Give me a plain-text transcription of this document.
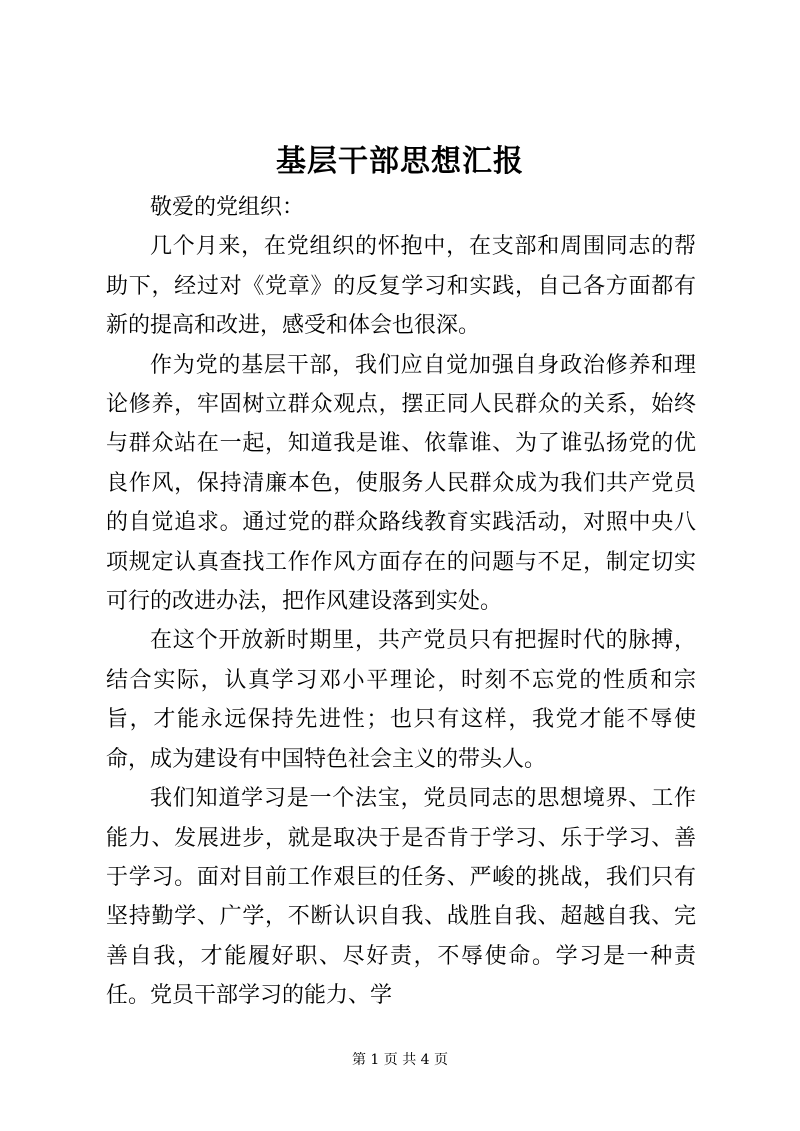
基层干部思想汇报

敬爱的党组织：

几个月来，在党组织的怀抱中，在支部和周围同志的帮助下，经过对《党章》的反复学习和实践，自己各方面都有新的提高和改进，感受和体会也很深。

作为党的基层干部，我们应自觉加强自身政治修养和理论修养，牢固树立群众观点，摆正同人民群众的关系，始终与群众站在一起，知道我是谁、依靠谁、为了谁弘扬党的优良作风，保持清廉本色，使服务人民群众成为我们共产党员的自觉追求。通过党的群众路线教育实践活动，对照中央八项规定认真查找工作作风方面存在的问题与不足，制定切实可行的改进办法，把作风建设落到实处。

在这个开放新时期里，共产党员只有把握时代的脉搏，结合实际，认真学习邓小平理论，时刻不忘党的性质和宗旨，才能永远保持先进性；也只有这样，我党才能不辱使命，成为建设有中国特色社会主义的带头人。

我们知道学习是一个法宝，党员同志的思想境界、工作能力、发展进步，就是取决于是否肯于学习、乐于学习、善于学习。面对目前工作艰巨的任务、严峻的挑战，我们只有坚持勤学、广学，不断认识自我、战胜自我、超越自我、完善自我，才能履好职、尽好责，不辱使命。学习是一种责任。党员干部学习的能力、学

第 1 页 共 4 页
